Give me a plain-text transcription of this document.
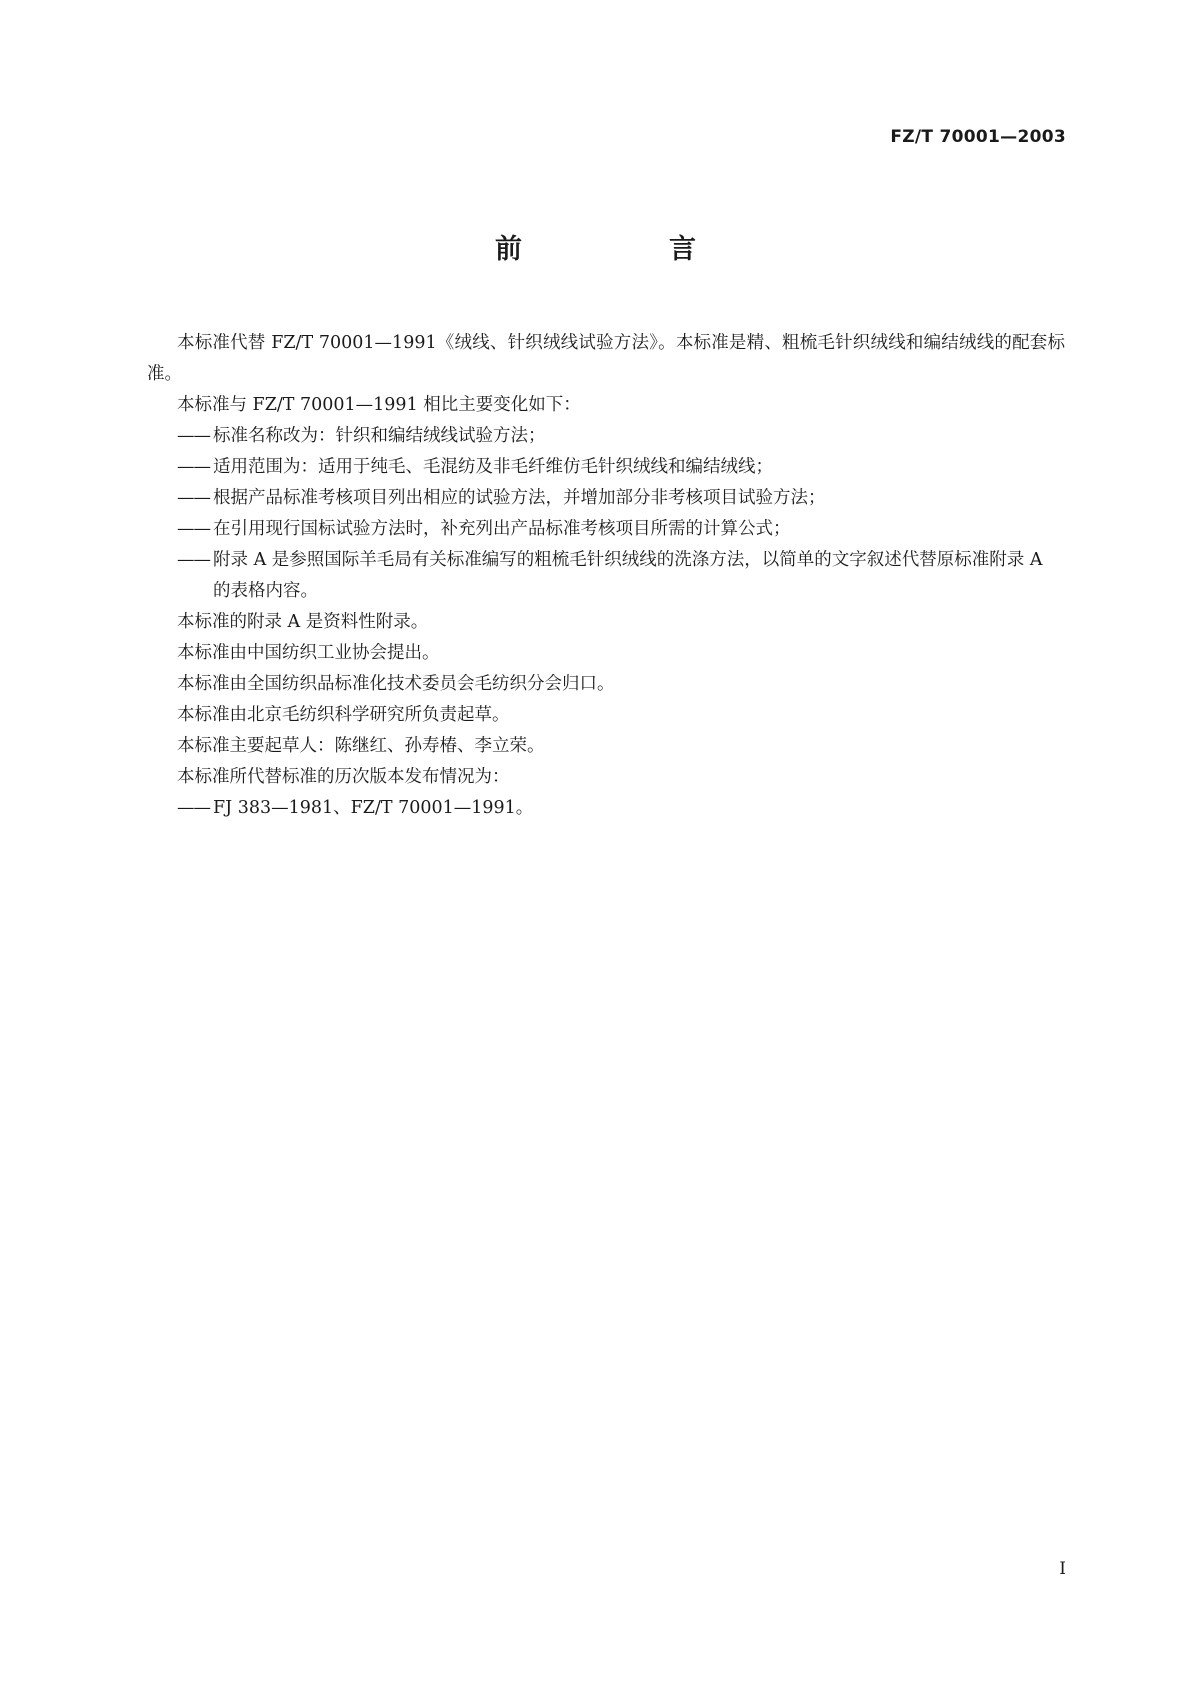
FZ/T 70001—2003
前　言

本标准代替 FZ/T 70001—1991《绒线、针织绒线试验方法》。本标准是精、粗梳毛针织绒线和编结绒线的配套标准。

本标准与 FZ/T 70001—1991 相比主要变化如下：

—— 标准名称改为：针织和编结绒线试验方法；

—— 适用范围为：适用于纯毛、毛混纺及非毛纤维仿毛针织绒线和编结绒线；

—— 根据产品标准考核项目列出相应的试验方法，并增加部分非考核项目试验方法；

—— 在引用现行国标试验方法时，补充列出产品标准考核项目所需的计算公式；

—— 附录 A 是参照国际羊毛局有关标准编写的粗梳毛针织绒线的洗涤方法，以简单的文字叙述代替原标准附录 A 的表格内容。

本标准的附录 A 是资料性附录。

本标准由中国纺织工业协会提出。

本标准由全国纺织品标准化技术委员会毛纺织分会归口。

本标准由北京毛纺织科学研究所负责起草。

本标准主要起草人：陈继红、孙寿椿、李立荣。

本标准所代替标准的历次版本发布情况为：

—— FJ 383—1981、FZ/T 70001—1991。

I
